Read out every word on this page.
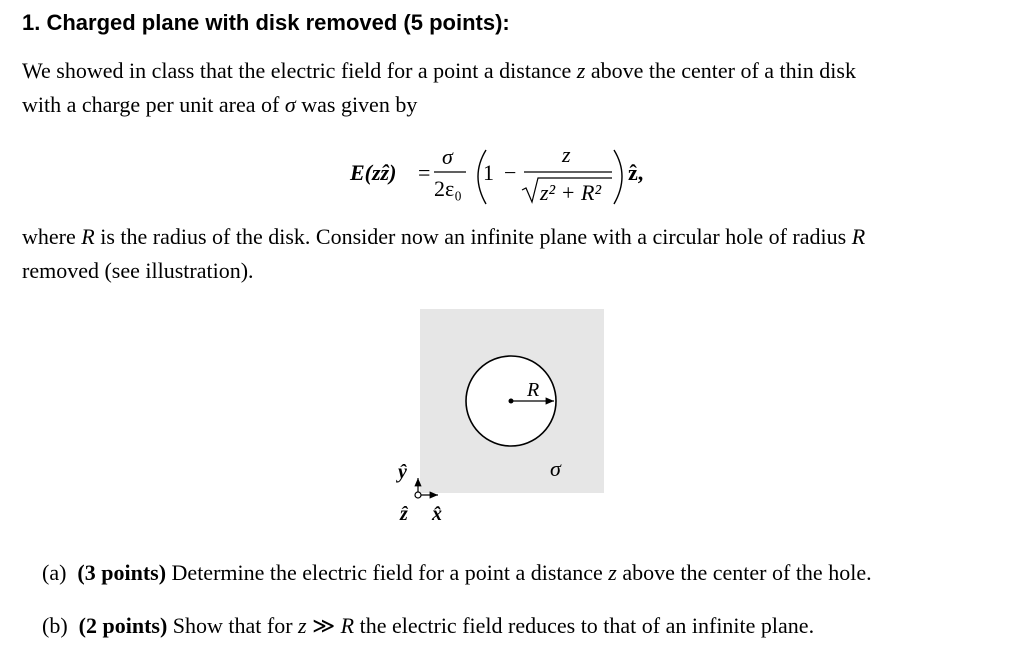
1. Charged plane with disk removed (5 points):
We showed in class that the electric field for a point a distance z above the center of a thin disk
with a charge per unit area of σ was given by
E(zẑ) =
σ
2ε₀
1 −
z
z² + R²
ẑ,
where R is the radius of the disk. Consider now an infinite plane with a circular hole of radius R
removed (see illustration).
R
σ
ŷ
x̂
ẑ
(a) (3 points) Determine the electric field for a point a distance z above the center of the hole.
(b) (2 points) Show that for z ≫ R the electric field reduces to that of an infinite plane.
